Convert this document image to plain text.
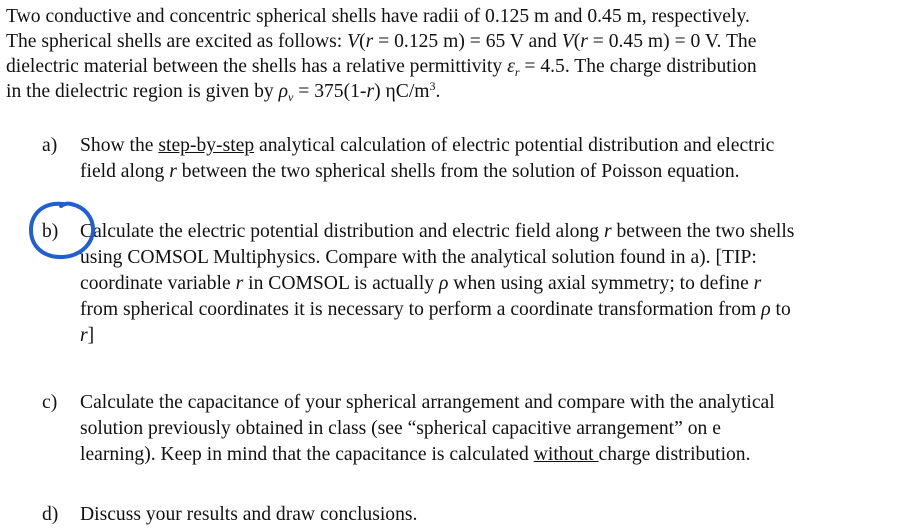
Two conductive and concentric spherical shells have radii of 0.125 m and 0.45 m, respectively.
The spherical shells are excited as follows: V(r = 0.125 m) = 65 V and V(r = 0.45 m) = 0 V. The
dielectric material between the shells has a relative permittivity $\varepsilon_r = 4.5$. The charge distribution
in the dielectric region is given by $\rho_v = 375(1-r)$ $\eta C/m^3$.
a)	Show the step-by-step analytical calculation of electric potential distribution and electric
field along r between the two spherical shells from the solution of Poisson equation.
b)	Calculate the electric potential distribution and electric field along r between the two shells
using COMSOL Multiphysics. Compare with the analytical solution found in a). [TIP:
coordinate variable r in COMSOL is actually ρ when using axial symmetry; to define r
from spherical coordinates it is necessary to perform a coordinate transformation from ρ to
r]
c)	Calculate the capacitance of your spherical arrangement and compare with the analytical
solution previously obtained in class (see “spherical capacitive arrangement” on e
learning). Keep in mind that the capacitance is calculated without charge distribution.
d)	Discuss your results and draw conclusions.
